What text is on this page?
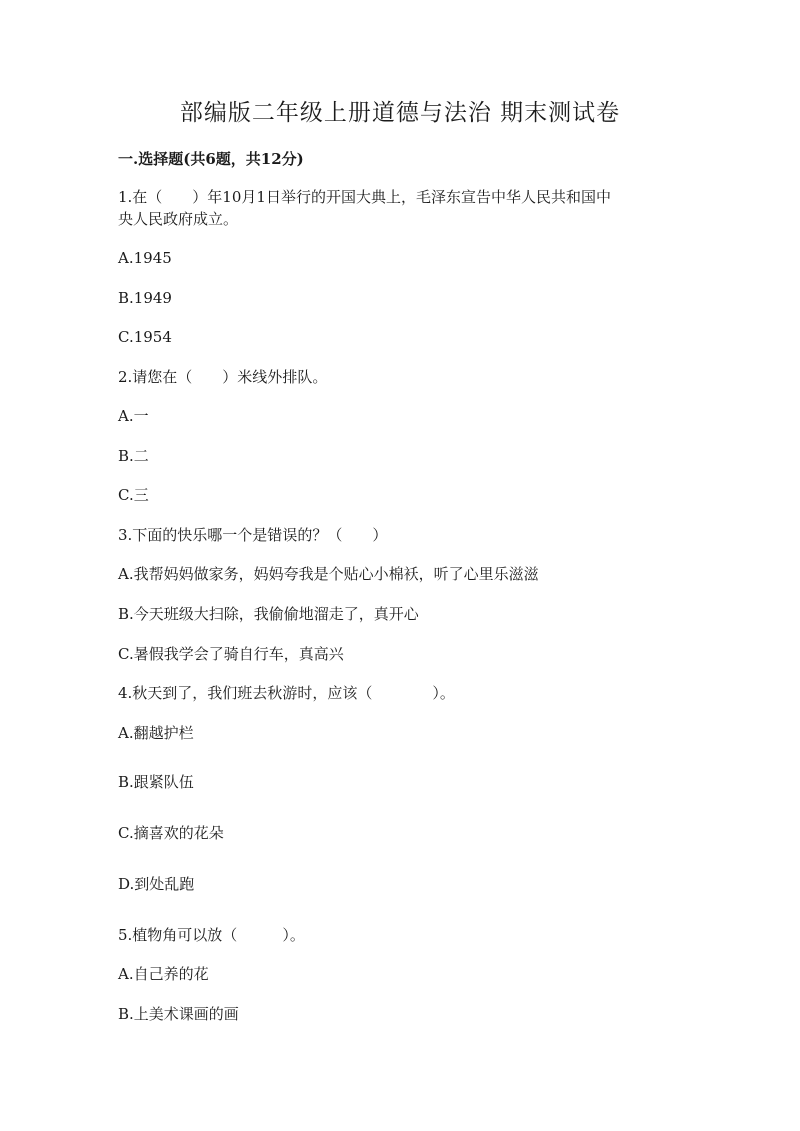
部编版二年级上册道德与法治 期末测试卷

一.选择题(共6题，共12分)

1.在（　　）年10月1日举行的开国大典上，毛泽东宣告中华人民共和国中

央人民政府成立。

A.1945

B.1949

C.1954

2.请您在（　　）米线外排队。

A.一

B.二

C.三

3.下面的快乐哪一个是错误的？（　　）

A.我帮妈妈做家务，妈妈夸我是个贴心小棉袄，听了心里乐滋滋

B.今天班级大扫除，我偷偷地溜走了，真开心

C.暑假我学会了骑自行车，真高兴

4.秋天到了，我们班去秋游时，应该（　　　　）。

A.翻越护栏

B.跟紧队伍

C.摘喜欢的花朵

D.到处乱跑

5.植物角可以放（　　　）。

A.自己养的花

B.上美术课画的画
